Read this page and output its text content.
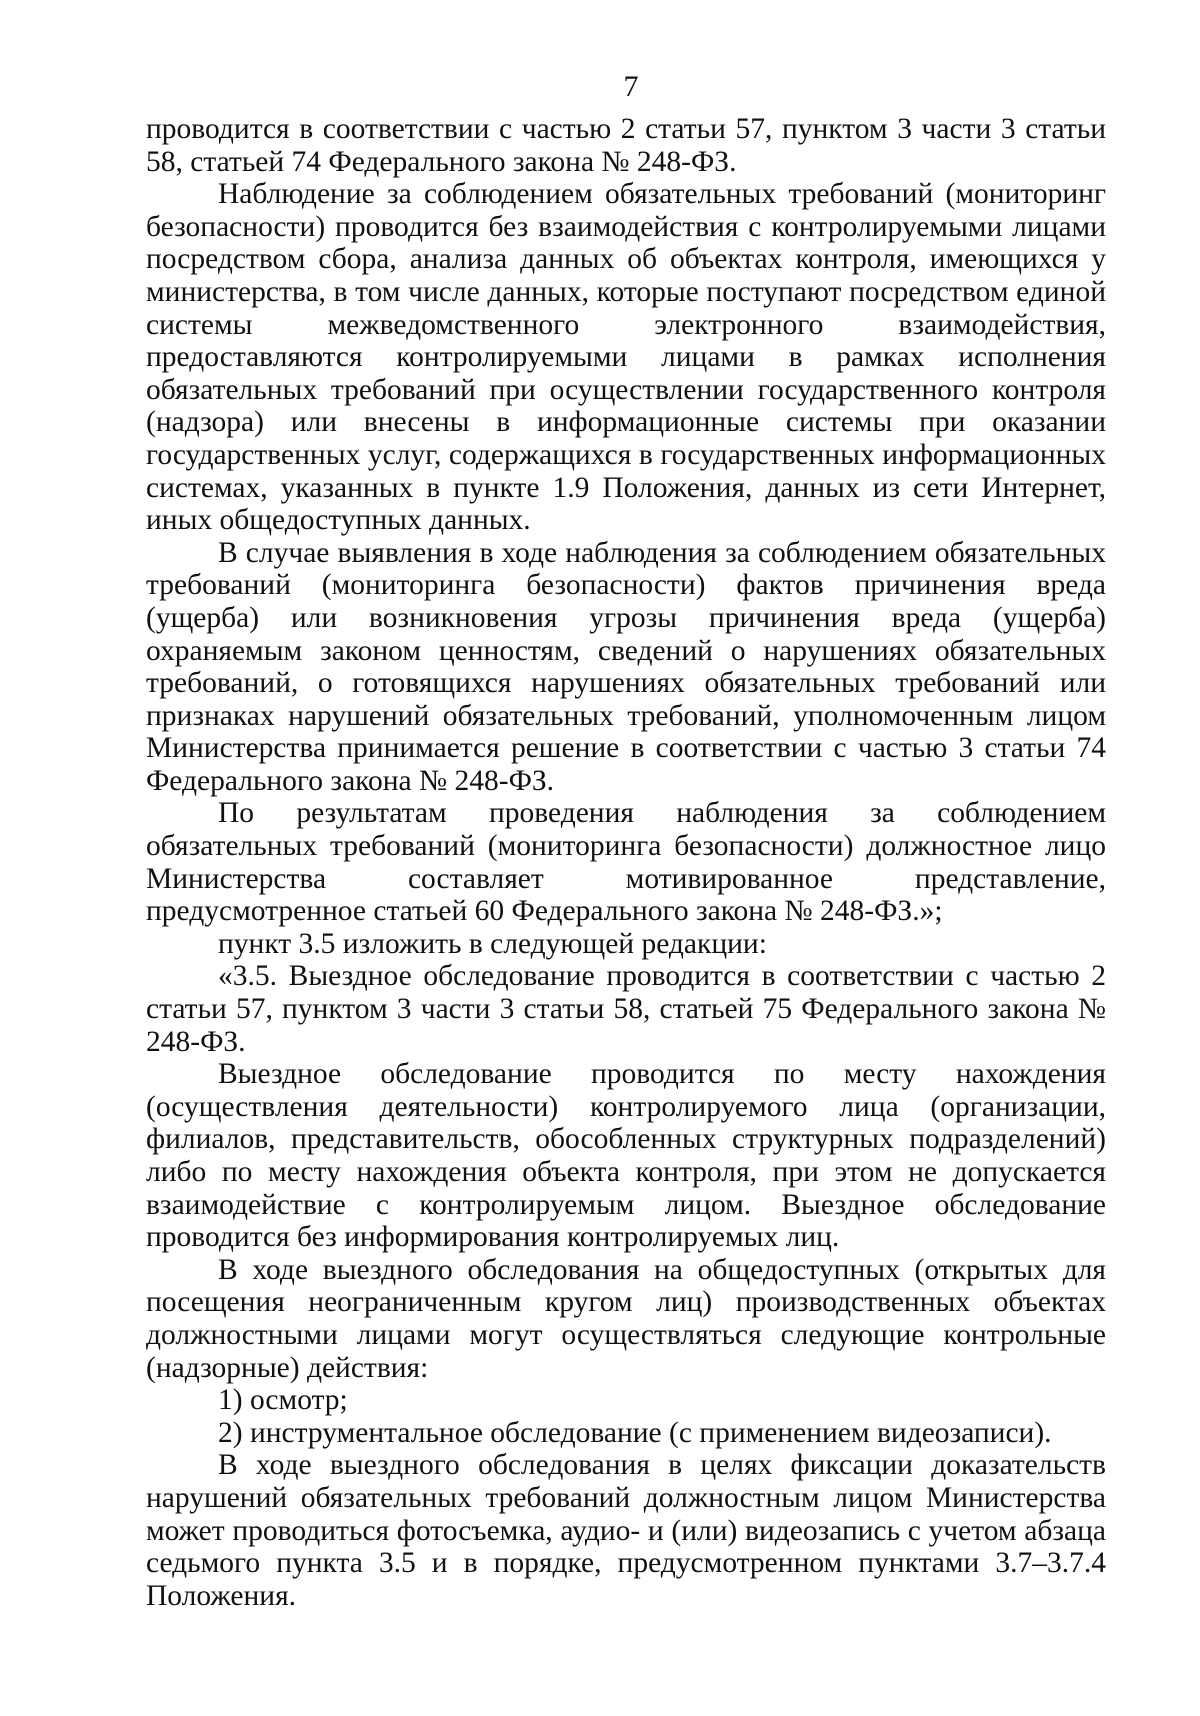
7

проводится в соответствии с частью 2 статьи 57, пунктом 3 части 3 статьи 58, статьей 74 Федерального закона № 248-ФЗ.

Наблюдение за соблюдением обязательных требований (мониторинг безопасности) проводится без взаимодействия с контролируемыми лицами посредством сбора, анализа данных об объектах контроля, имеющихся у министерства, в том числе данных, которые поступают посредством единой системы межведомственного электронного взаимодействия, предоставляются контролируемыми лицами в рамках исполнения обязательных требований при осуществлении государственного контроля (надзора) или внесены в информационные системы при оказании государственных услуг, содержащихся в государственных информационных системах, указанных в пункте 1.9 Положения, данных из сети Интернет, иных общедоступных данных.

В случае выявления в ходе наблюдения за соблюдением обязательных требований (мониторинга безопасности) фактов причинения вреда (ущерба) или возникновения угрозы причинения вреда (ущерба) охраняемым законом ценностям, сведений о нарушениях обязательных требований, о готовящихся нарушениях обязательных требований или признаках нарушений обязательных требований, уполномоченным лицом Министерства принимается решение в соответствии с частью 3 статьи 74 Федерального закона № 248-ФЗ.

По результатам проведения наблюдения за соблюдением обязательных требований (мониторинга безопасности) должностное лицо Министерства составляет мотивированное представление, предусмотренное статьей 60 Федерального закона № 248-ФЗ.»;

пункт 3.5 изложить в следующей редакции:

«3.5. Выездное обследование проводится в соответствии с частью 2 статьи 57, пунктом 3 части 3 статьи 58, статьей 75 Федерального закона № 248-ФЗ.

Выездное обследование проводится по месту нахождения (осуществления деятельности) контролируемого лица (организации, филиалов, представительств, обособленных структурных подразделений) либо по месту нахождения объекта контроля, при этом не допускается взаимодействие с контролируемым лицом. Выездное обследование проводится без информирования контролируемых лиц.

В ходе выездного обследования на общедоступных (открытых для посещения неограниченным кругом лиц) производственных объектах должностными лицами могут осуществляться следующие контрольные (надзорные) действия:

1) осмотр;

2) инструментальное обследование (с применением видеозаписи).

В ходе выездного обследования в целях фиксации доказательств нарушений обязательных требований должностным лицом Министерства может проводиться фотосъемка, аудио- и (или) видеозапись с учетом абзаца седьмого пункта 3.5 и в порядке, предусмотренном пунктами 3.7–3.7.4 Положения.
